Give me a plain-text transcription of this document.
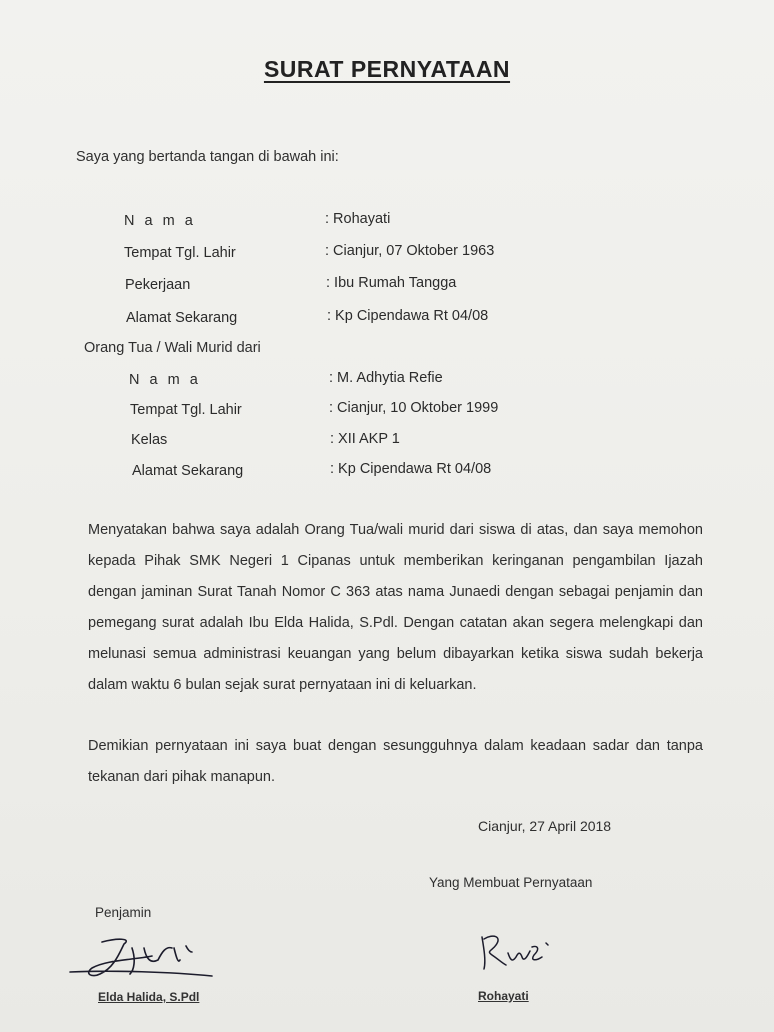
SURAT PERNYATAAN
Saya yang bertanda tangan di bawah ini:
N a m a	: Rohayati
Tempat Tgl. Lahir	: Cianjur, 07 Oktober 1963
Pekerjaan	: Ibu Rumah Tangga
Alamat Sekarang	: Kp Cipendawa Rt 04/08
Orang Tua / Wali Murid dari
N a m a	: M. Adhytia Refie
Tempat Tgl. Lahir	: Cianjur, 10 Oktober 1999
Kelas	: XII AKP 1
Alamat Sekarang	: Kp Cipendawa Rt 04/08
Menyatakan bahwa saya adalah Orang Tua/wali murid dari siswa di atas, dan saya memohon kepada Pihak SMK Negeri 1 Cipanas untuk memberikan keringanan pengambilan Ijazah dengan jaminan Surat Tanah Nomor C 363 atas nama Junaedi dengan sebagai penjamin dan pemegang surat adalah Ibu Elda Halida, S.Pdl. Dengan catatan akan segera melengkapi dan melunasi semua administrasi keuangan yang belum dibayarkan ketika siswa sudah bekerja dalam waktu 6 bulan sejak surat pernyataan ini di keluarkan.
Demikian pernyataan ini saya buat dengan sesungguhnya dalam keadaan sadar dan tanpa tekanan dari pihak manapun.
Cianjur, 27 April 2018
Yang Membuat Pernyataan
Penjamin
Elda Halida, S.Pdl	Rohayati
